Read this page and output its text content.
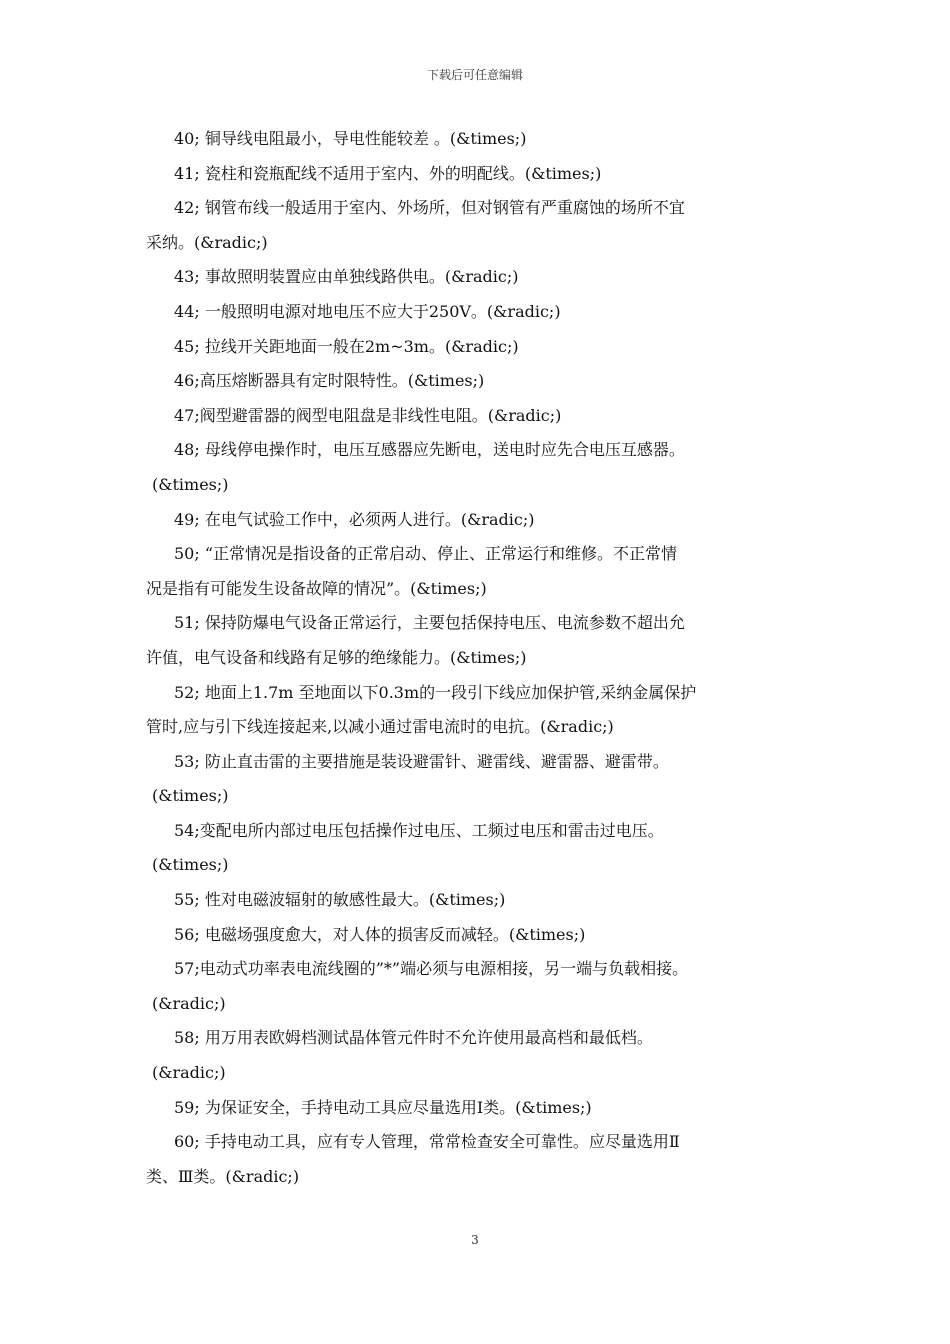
下载后可任意编辑
40; 铜导线电阻最小，导电性能较差 。(&times;)
41; 瓷柱和瓷瓶配线不适用于室内、外的明配线。(&times;)
42; 钢管布线一般适用于室内、外场所，但对钢管有严重腐蚀的场所不宜
采纳。(&radic;)
43; 事故照明装置应由单独线路供电。(&radic;)
44; 一般照明电源对地电压不应大于250V。(&radic;)
45; 拉线开关距地面一般在2m~3m。(&radic;)
46;高压熔断器具有定时限特性。(&times;)
47;阀型避雷器的阀型电阻盘是非线性电阻。(&radic;)
48; 母线停电操作时，电压互感器应先断电，送电时应先合电压互感器。
(&times;)
49; 在电气试验工作中，必须两人进行。(&radic;)
50; “正常情况是指设备的正常启动、停止、正常运行和维修。不正常情
况是指有可能发生设备故障的情况”。(&times;)
51; 保持防爆电气设备正常运行，主要包括保持电压、电流参数不超出允
许值，电气设备和线路有足够的绝缘能力。(&times;)
52; 地面上1.7m 至地面以下0.3m的一段引下线应加保护管,采纳金属保护
管时,应与引下线连接起来,以减小通过雷电流时的电抗。(&radic;)
53; 防止直击雷的主要措施是装设避雷针、避雷线、避雷器、避雷带。
(&times;)
54;变配电所内部过电压包括操作过电压、工频过电压和雷击过电压。
(&times;)
55; 性对电磁波辐射的敏感性最大。(&times;)
56; 电磁场强度愈大，对人体的损害反而减轻。(&times;)
57;电动式功率表电流线圈的”*”端必须与电源相接，另一端与负载相接。
(&radic;)
58; 用万用表欧姆档测试晶体管元件时不允许使用最高档和最低档。
(&radic;)
59; 为保证安全，手持电动工具应尽量选用Ⅰ类。(&times;)
60; 手持电动工具，应有专人管理，常常检查安全可靠性。应尽量选用Ⅱ
类、Ⅲ类。(&radic;)
3
